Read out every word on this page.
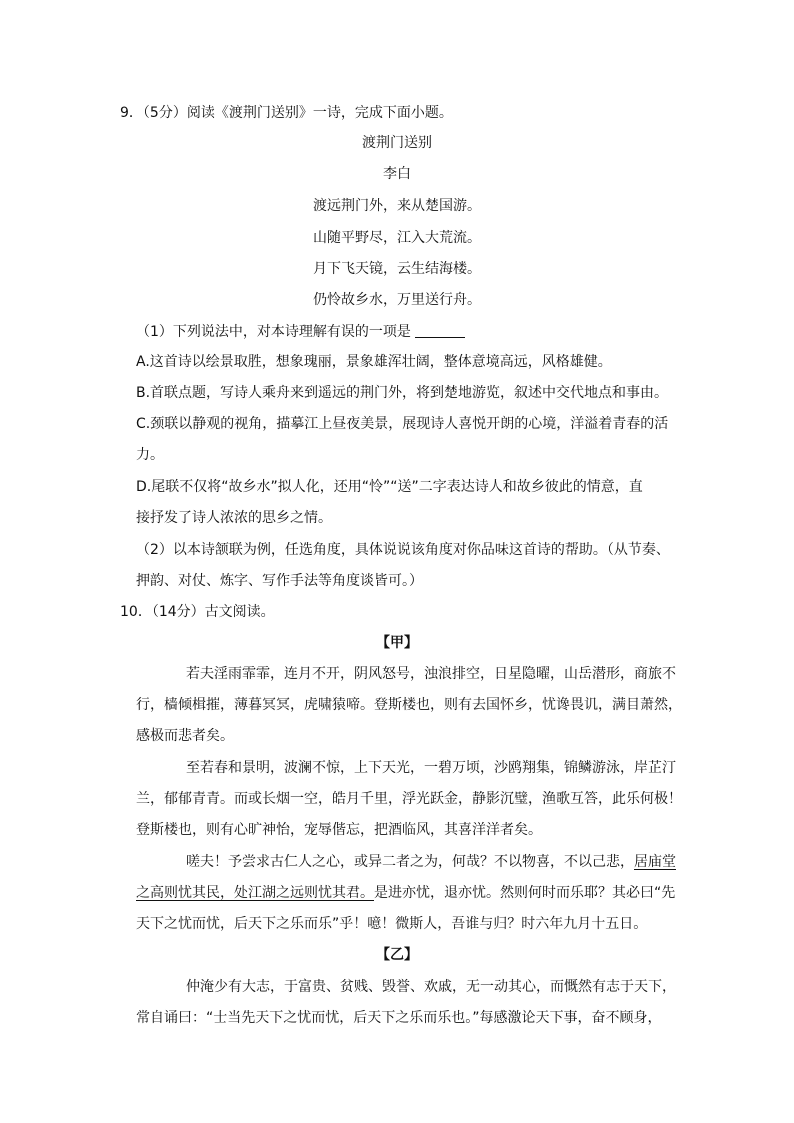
9．（5分）阅读《渡荆门送别》一诗，完成下面小题。
渡荆门送别
李白
渡远荆门外，来从楚国游。
山随平野尽，江入大荒流。
月下飞天镜，云生结海楼。
仍怜故乡水，万里送行舟。
（1）下列说法中，对本诗理解有误的一项是
A.这首诗以绘景取胜，想象瑰丽，景象雄浑壮阔，整体意境高远，风格雄健。
B.首联点题，写诗人乘舟来到遥远的荆门外，将到楚地游览，叙述中交代地点和事由。
C.颈联以静观的视角，描摹江上昼夜美景，展现诗人喜悦开朗的心境，洋溢着青春的活
力。
D.尾联不仅将“故乡水”拟人化，还用“怜”“送”二字表达诗人和故乡彼此的情意，直
接抒发了诗人浓浓的思乡之情。
（2）以本诗颔联为例，任选角度，具体说说该角度对你品味这首诗的帮助。（从节奏、
押韵、对仗、炼字、写作手法等角度谈皆可。）
10．（14分）古文阅读。
【甲】
若夫淫雨霏霏，连月不开，阴风怒号，浊浪排空，日星隐曜，山岳潜形，商旅不
行，樯倾楫摧，薄暮冥冥，虎啸猿啼。登斯楼也，则有去国怀乡，忧谗畏讥，满目萧然，
感极而悲者矣。
至若春和景明，波澜不惊，上下天光，一碧万顷，沙鸥翔集，锦鳞游泳，岸芷汀
兰，郁郁青青。而或长烟一空，皓月千里，浮光跃金，静影沉璧，渔歌互答，此乐何极！
登斯楼也，则有心旷神怡，宠辱偕忘，把酒临风，其喜洋洋者矣。
嗟夫！予尝求古仁人之心，或异二者之为，何哉？不以物喜，不以己悲，居庙堂
之高则忧其民，处江湖之远则忧其君。是进亦忧，退亦忧。然则何时而乐耶？其必曰“先
天下之忧而忧，后天下之乐而乐”乎！噫！微斯人，吾谁与归？时六年九月十五日。
【乙】
仲淹少有大志，于富贵、贫贱、毁誉、欢戚，无一动其心，而慨然有志于天下，
常自诵曰：“士当先天下之忧而忧，后天下之乐而乐也。”每感激论天下事，奋不顾身，
